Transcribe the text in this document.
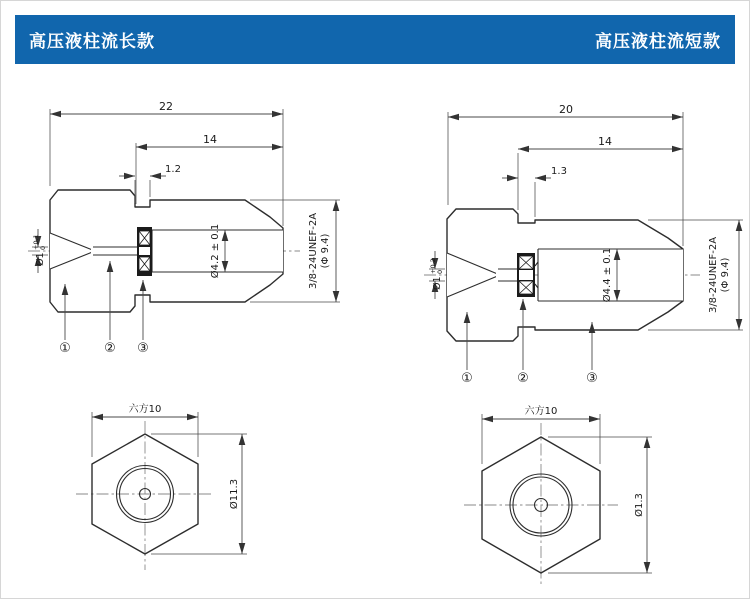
高压液柱流长款	高压液柱流短款
22
14
1.2
Ø1
+0.1 0	Ø4.2 ± 0.1	3/8-24UNEF-2A (Φ 9.4)
①	② ③
20
14
1.3
Ø1
+0.2 0	Ø4.4 ± 0.1	3/8-24UNEF-2A (Φ 9.4)
①	②	③
六方10
Ø11.3
六方10
Ø1.3
